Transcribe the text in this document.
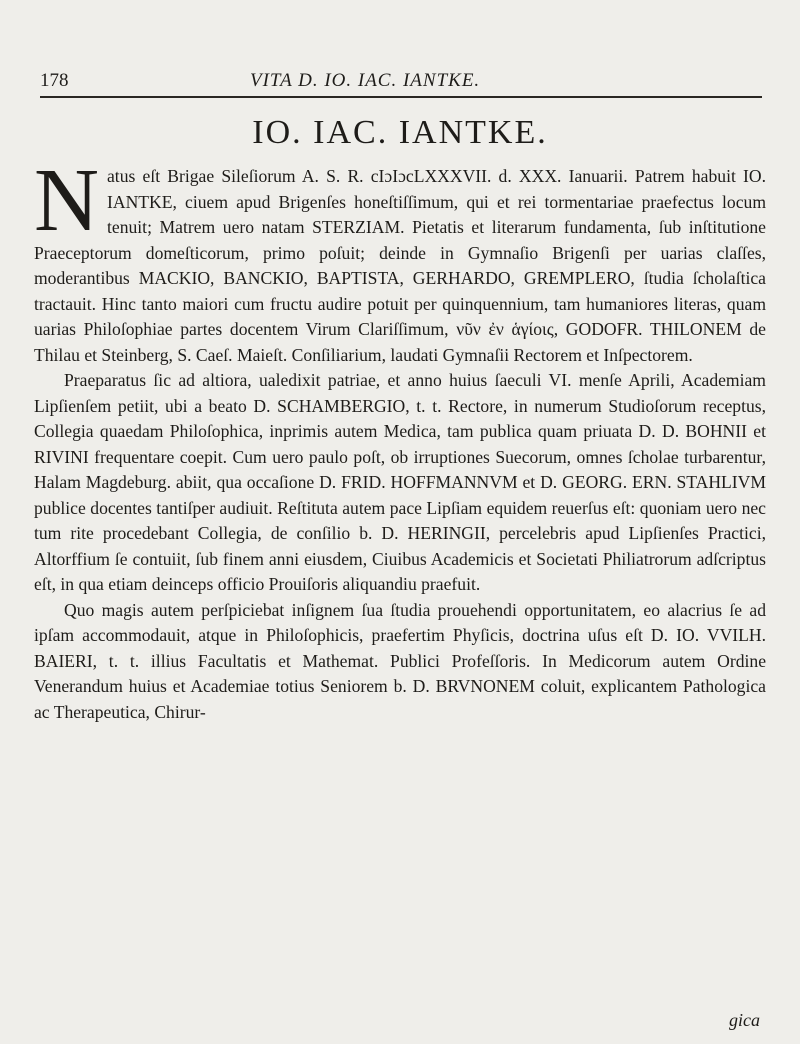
178	VITA D. IO. IAC. IANTKE.
IO. IAC. IANTKE.

N atus eſt Brigae Sileſiorum A. S. R. cIɔIɔcLXXXVII. d. XXX. Ianuarii. Patrem habuit IO. IANTKE, ciuem apud Brigenſes honeſtiſſimum, qui et rei tormentariae praefectus locum tenuit; Matrem uero natam STERZIAM. Pietatis et literarum fundamenta, ſub inſtitutione Praeceptorum domeſticorum, primo poſuit; deinde in Gymnaſio Brigenſi per uarias claſſes, moderantibus MACKIO, BANCKIO, BAPTISTA, GERHARDO, GREMPLERO, ſtudia ſcholaſtica tractauit. Hinc tanto maiori cum fructu audire potuit per quinquennium, tam humaniores literas, quam uarias Philoſophiae partes docentem Virum Clariſſimum, νῦν ἐν ἁγίοις, GODOFR. THILONEM de Thilau et Steinberg, S. Caeſ. Maieſt. Conſiliarium, laudati Gymnaſii Rectorem et Inſpectorem.

Praeparatus ſic ad altiora, ualedixit patriae, et anno huius ſaeculi VI. menſe Aprili, Academiam Lipſienſem petiit, ubi a beato D. SCHAMBERGIO, t. t. Rectore, in numerum Studioſorum receptus, Collegia quaedam Philoſophica, inprimis autem Medica, tam publica quam priuata D. D. BOHNII et RIVINI frequentare coepit. Cum uero paulo poſt, ob irruptiones Suecorum, omnes ſcholae turbarentur, Halam Magdeburg. abiit, qua occaſione D. FRID. HOFFMANNVM et D. GEORG. ERN. STAHLIVM publice docentes tantiſper audiuit. Reſtituta autem pace Lipſiam equidem reuerſus eſt: quoniam uero nec tum rite procedebant Collegia, de conſilio b. D. HERINGII, percelebris apud Lipſienſes Practici, Altorffium ſe contuiit, ſub finem anni eiusdem, Ciuibus Academicis et Societati Philiatrorum adſcriptus eſt, in qua etiam deinceps officio Prouiſoris aliquandiu praefuit.

Quo magis autem perſpiciebat inſignem ſua ſtudia prouehendi opportunitatem, eo alacrius ſe ad ipſam accommodauit, atque in Philoſophicis, praefertim Phyſicis, doctrina uſus eſt D. IO. VVILH. BAIERI, t. t. illius Facultatis et Mathemat. Publici Profeſſoris. In Medicorum autem Ordine Venerandum huius et Academiae totius Seniorem b. D. BRVNONEM coluit, explicantem Pathologica ac Therapeutica, Chirur-

gica
